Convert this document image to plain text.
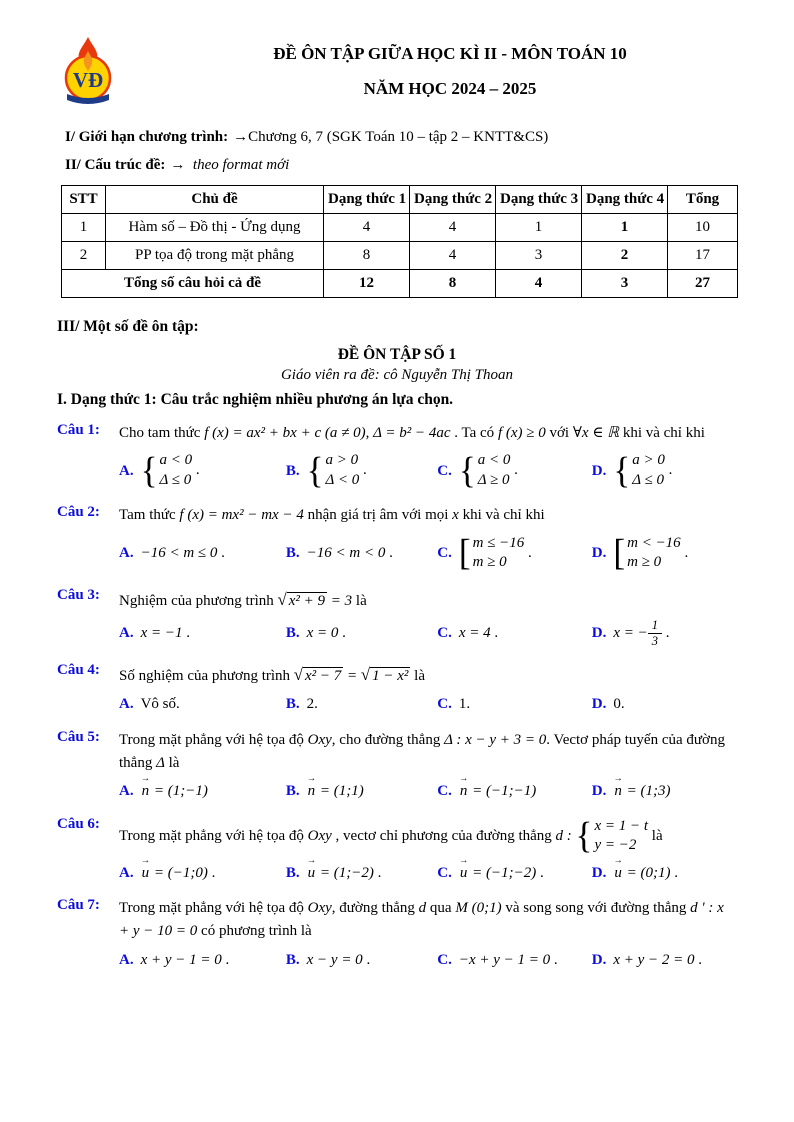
VĐ
ĐỀ ÔN TẬP GIỮA HỌC KÌ II - MÔN TOÁN 10
NĂM HỌC 2024 – 2025

I/ Giới hạn chương trình: →Chương 6, 7 (SGK Toán 10 – tập 2 – KNTT&CS)

II/ Cấu trúc đề: → theo format mới

STT	Chủ đề	Dạng thức 1	Dạng thức 2	Dạng thức 3	Dạng thức 4	Tổng
1	Hàm số – Đồ thị - Ứng dụng	4	4	1	1	10
2	PP tọa độ trong mặt phẳng	8	4	3	2	17
Tổng số câu hỏi cả đề		12	8	4	3	27

III/ Một số đề ôn tập:

ĐỀ ÔN TẬP SỐ 1
Giáo viên ra đề: cô Nguyễn Thị Thoan
I. Dạng thức 1: Câu trắc nghiệm nhiều phương án lựa chọn.
Câu 1:	Cho tam thức f (x) = ax² + bx + c (a ≠ 0), Δ = b² − 4ac . Ta có f (x) ≥ 0 với ∀x ∈ ℝ khi và chỉ khi
A. { a < 0
Δ ≤ 0
.	B. { a > 0
Δ < 0
.	C. { a < 0
Δ ≥ 0
.	D. { a > 0
Δ ≤ 0
.
Câu 2:	Tam thức f (x) = mx² − mx − 4 nhận giá trị âm với mọi x khi và chỉ khi
A. −16 < m ≤ 0 .	B. −16 < m < 0 .	C. [ m ≤ −16
m ≥ 0
.	D. [ m < −16
m ≥ 0
.
Câu 3:	Nghiệm của phương trình √ x² + 9 = 3 là
A. x = −1 .	B. x = 0 .	C. x = 4 .	D. x = − $\frac{1}{3}$ .
Câu 4:	Số nghiệm của phương trình √ x² − 7 = √ 1 − x² là
A. Vô số.	B. 2.	C. 1.	D. 0.
Câu 5:	Trong mặt phẳng với hệ tọa độ Oxy, cho đường thẳng Δ : x − y + 3 = 0. Vectơ pháp tuyến của đường thẳng Δ là
A. n → = (1;−1)	B. n → = (1;1)	C. n → = (−1;−1)	D. n → = (1;3)
Câu 6:
Trong mặt phẳng với hệ tọa độ Oxy , vectơ chỉ phương của đường thẳng d : { x = 1 − t
y = −2
là
A. u → = (−1;0) .	B. u → = (1;−2) .	C. u → = (−1;−2) .	D. u → = (0;1) .
Câu 7:	Trong mặt phẳng với hệ tọa độ Oxy, đường thẳng d qua M (0;1) và song song với đường thẳng d ' : x + y − 10 = 0 có phương trình là
A. x + y − 1 = 0 .	B. x − y = 0 .	C. −x + y − 1 = 0 . D. x + y − 2 = 0 .
